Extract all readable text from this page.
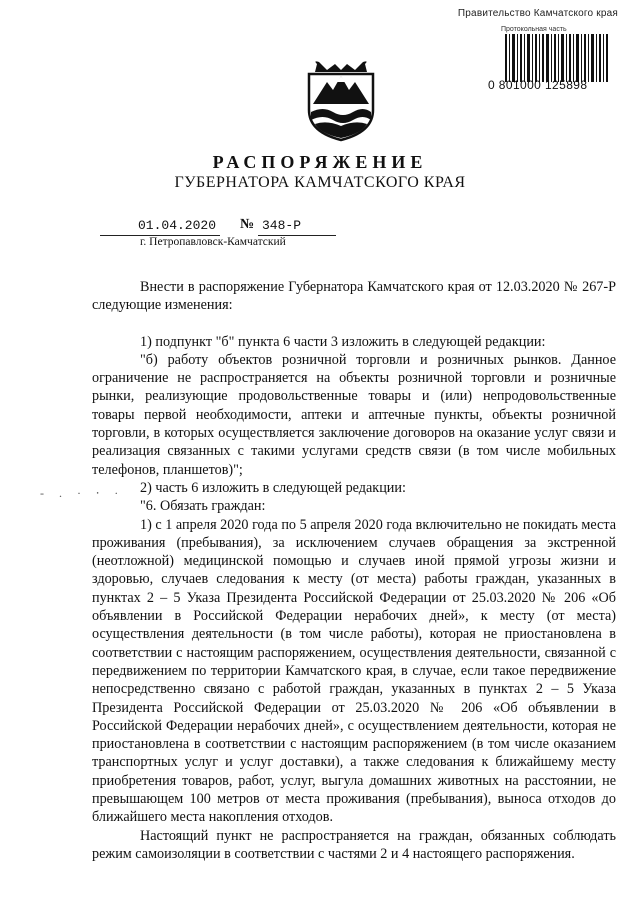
Правительство Камчатского края
Протокольная часть
0 801000 125898
РАСПОРЯЖЕНИЕ
ГУБЕРНАТОРА КАМЧАТСКОГО КРАЯ
01.04.2020 № 348-Р
г. Петропавловск-Камчатский
- . · ⸱ ·

Внести в распоряжение Губернатора Камчатского края от 12.03.2020 № 267-Р следующие изменения:

1) подпункт "б" пункта 6 части 3 изложить в следующей редакции:

"б) работу объектов розничной торговли и розничных рынков. Данное ограничение не распространяется на объекты розничной торговли и розничные рынки, реализующие продовольственные товары и (или) непродовольственные товары первой необходимости, аптеки и аптечные пункты, объекты розничной торговли, в которых осуществляется заключение договоров на оказание услуг связи и реализация связанных с такими услугами средств связи (в том числе мобильных телефонов, планшетов)";

2) часть 6 изложить в следующей редакции:

"6. Обязать граждан:

1) с 1 апреля 2020 года по 5 апреля 2020 года включительно не покидать места проживания (пребывания), за исключением случаев обращения за экстренной (неотложной) медицинской помощью и случаев иной прямой угрозы жизни и здоровью, случаев следования к месту (от места) работы граждан, указанных в пунктах 2 – 5 Указа Президента Российской Федерации от 25.03.2020 № 206 «Об объявлении в Российской Федерации нерабочих дней», к месту (от места) осуществления деятельности (в том числе работы), которая не приостановлена в соответствии с настоящим распоряжением, осуществления деятельности, связанной с передвижением по территории Камчатского края, в случае, если такое передвижение непосредственно связано с работой граждан, указанных в пунктах 2 – 5 Указа Президента Российской Федерации от 25.03.2020 № 206 «Об объявлении в Российской Федерации нерабочих дней», с осуществлением деятельности, которая не приостановлена в соответствии с настоящим распоряжением (в том числе оказанием транспортных услуг и услуг доставки), а также следования к ближайшему месту приобретения товаров, работ, услуг, выгула домашних животных на расстоянии, не превышающем 100 метров от места проживания (пребывания), выноса отходов до ближайшего места накопления отходов.

Настоящий пункт не распространяется на граждан, обязанных соблюдать режим самоизоляции в соответствии с частями 2 и 4 настоящего распоряжения.
